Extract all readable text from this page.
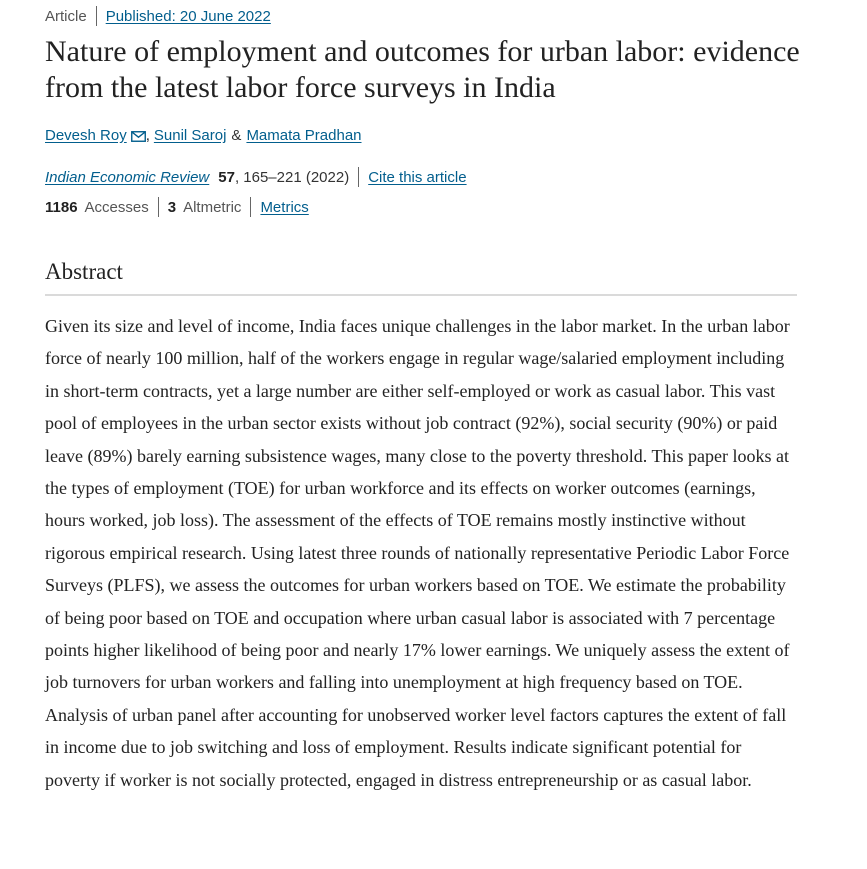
Article Published: 20 June 2022
Nature of employment and outcomes for urban labor: evidence from the latest labor force surveys in India
Devesh Roy , Sunil Saroj & Mamata Pradhan
Indian Economic Review 57 , 165–221 (2022) Cite this article
1186 Accesses 3 Altmetric Metrics
Abstract

Given its size and level of income, India faces unique challenges in the labor market. In the urban labor force of nearly 100 million, half of the workers engage in regular wage/salaried employment including in short-term contracts, yet a large number are either self-employed or work as casual labor. This vast pool of employees in the urban sector exists without job contract (92%), social security (90%) or paid leave (89%) barely earning subsistence wages, many close to the poverty threshold. This paper looks at the types of employment (TOE) for urban workforce and its effects on worker outcomes (earnings, hours worked, job loss). The assessment of the effects of TOE remains mostly instinctive without rigorous empirical research. Using latest three rounds of nationally representative Periodic Labor Force Surveys (PLFS), we assess the outcomes for urban workers based on TOE. We estimate the probability of being poor based on TOE and occupation where urban casual labor is associated with 7 percentage points higher likelihood of being poor and nearly 17% lower earnings. We uniquely assess the extent of job turnovers for urban workers and falling into unemployment at high frequency based on TOE. Analysis of urban panel after accounting for unobserved worker level factors captures the extent of fall in income due to job switching and loss of employment. Results indicate significant potential for poverty if worker is not socially protected, engaged in distress entrepreneurship or as casual labor.
